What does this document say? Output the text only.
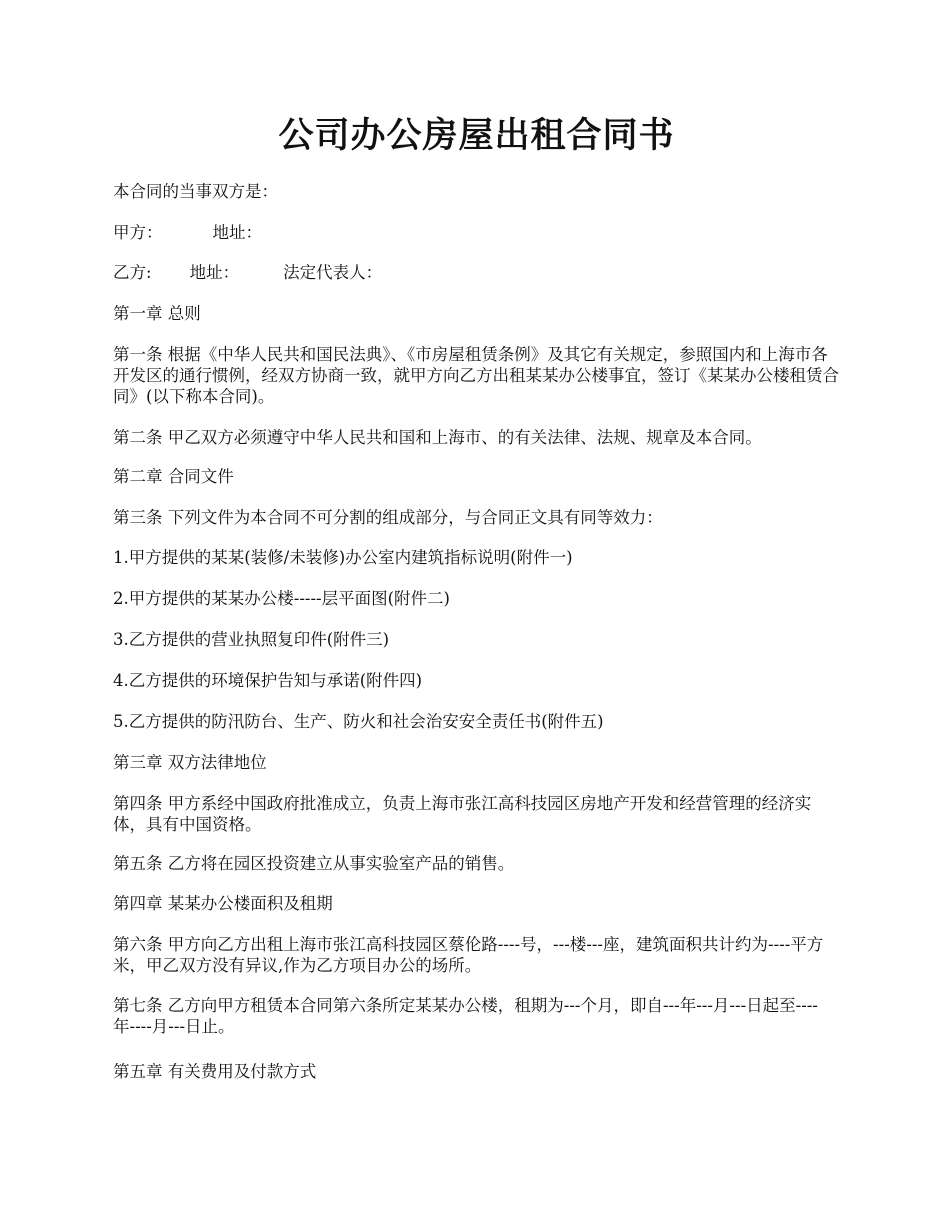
公司办公房屋出租合同书

本合同的当事双方是：

甲方：	地址：

乙方: 地址：	法定代表人：

第一章 总则

第一条 根据《中华人民共和国民法典》、《市房屋租赁条例》及其它有关规定，参照国内和上海市各开发区的通行惯例，经双方协商一致，就甲方向乙方出租某某办公楼事宜，签订《某某办公楼租赁合同》(以下称本合同)。

第二条 甲乙双方必须遵守中华人民共和国和上海市、的有关法律、法规、规章及本合同。

第二章 合同文件

第三条 下列文件为本合同不可分割的组成部分，与合同正文具有同等效力：

1.甲方提供的某某(装修/未装修)办公室内建筑指标说明(附件一)

2.甲方提供的某某办公楼-----层平面图(附件二)

3.乙方提供的营业执照复印件(附件三)

4.乙方提供的环境保护告知与承诺(附件四)

5.乙方提供的防汛防台、生产、防火和社会治安安全责任书(附件五)

第三章 双方法律地位

第四条 甲方系经中国政府批准成立，负责上海市张江高科技园区房地产开发和经营管理的经济实体，具有中国资格。

第五条 乙方将在园区投资建立从事实验室产品的销售。

第四章 某某办公楼面积及租期

第六条 甲方向乙方出租上海市张江高科技园区蔡伦路----号，---楼---座，建筑面积共计约为----平方米，甲乙双方没有异议,作为乙方项目办公的场所。

第七条 乙方向甲方租赁本合同第六条所定某某办公楼，租期为---个月，即自---年---月---日起至----年----月---日止。

第五章 有关费用及付款方式
